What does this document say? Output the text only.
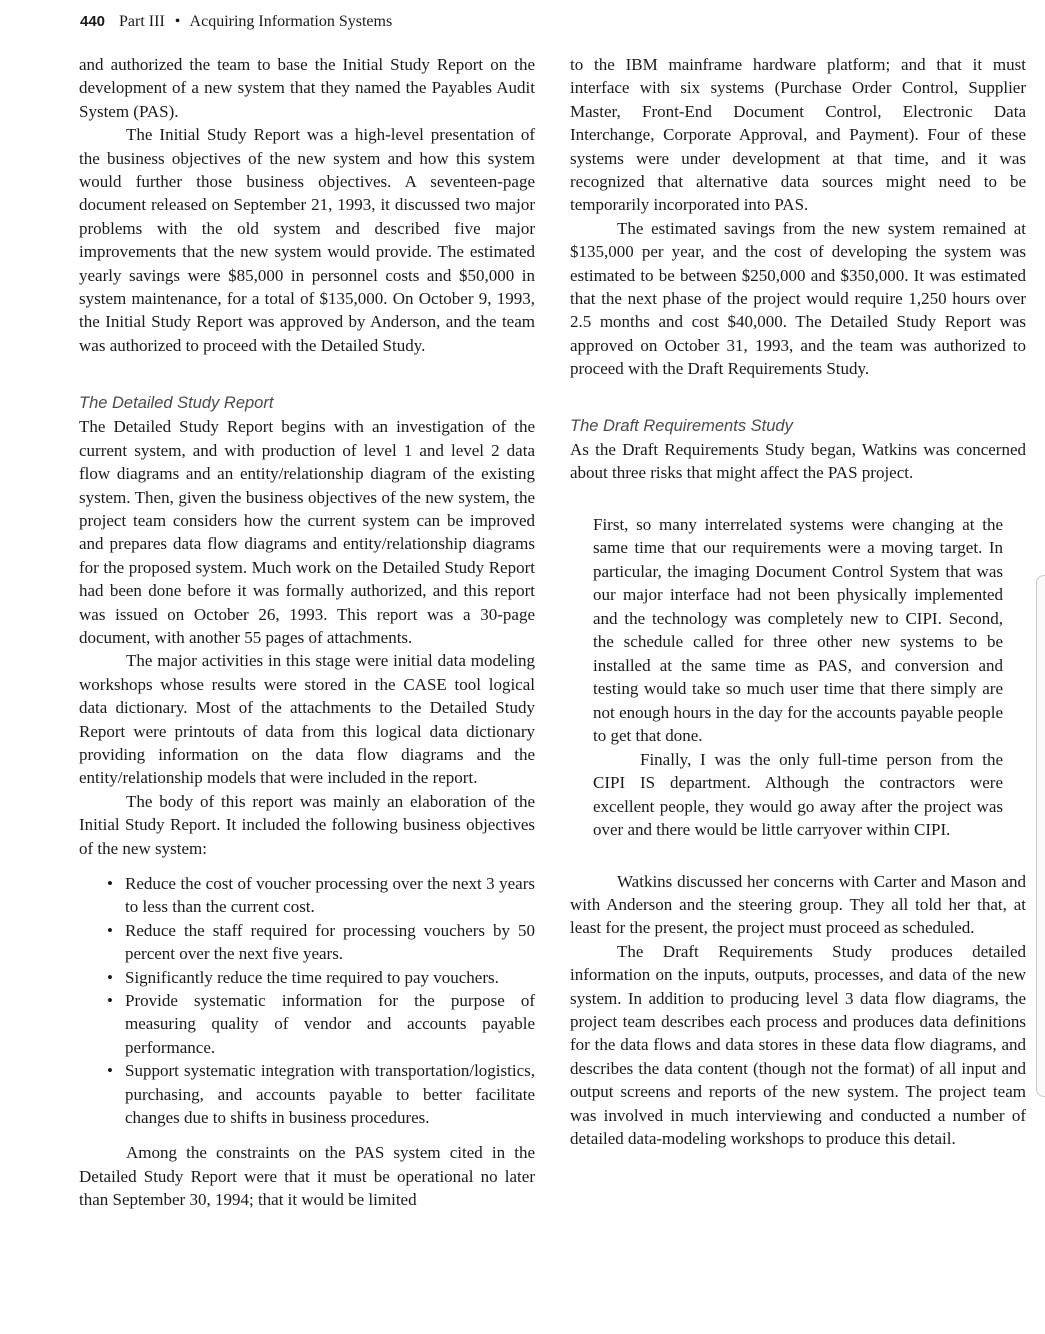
440 Part III • Acquiring Information Systems

and authorized the team to base the Initial Study Report on the development of a new system that they named the Payables Audit System (PAS).

The Initial Study Report was a high-level presentation of the business objectives of the new system and how this system would further those business objectives. A seventeen-page document released on September 21, 1993, it discussed two major problems with the old system and described five major improvements that the new system would provide. The estimated yearly savings were $85,000 in personnel costs and $50,000 in system maintenance, for a total of $135,000. On October 9, 1993, the Initial Study Report was approved by Anderson, and the team was authorized to proceed with the Detailed Study.

The Detailed Study Report

The Detailed Study Report begins with an investigation of the current system, and with production of level 1 and level 2 data flow diagrams and an entity/relationship diagram of the existing system. Then, given the business objectives of the new system, the project team considers how the current system can be improved and prepares data flow diagrams and entity/relationship diagrams for the proposed system. Much work on the Detailed Study Report had been done before it was formally authorized, and this report was issued on October 26, 1993. This report was a 30-page document, with another 55 pages of attachments.

The major activities in this stage were initial data modeling workshops whose results were stored in the CASE tool logical data dictionary. Most of the attachments to the Detailed Study Report were printouts of data from this logical data dictionary providing information on the data flow diagrams and the entity/relationship models that were included in the report.

The body of this report was mainly an elaboration of the Initial Study Report. It included the following business objectives of the new system:

• Reduce the cost of voucher processing over the next 3 years to less than the current cost.
• Reduce the staff required for processing vouchers by 50 percent over the next five years.
• Significantly reduce the time required to pay vouchers.
• Provide systematic information for the purpose of measuring quality of vendor and accounts payable performance.
• Support systematic integration with transportation/logistics, purchasing, and accounts payable to better facilitate changes due to shifts in business procedures.

Among the constraints on the PAS system cited in the Detailed Study Report were that it must be operational no later than September 30, 1994; that it would be limited

to the IBM mainframe hardware platform; and that it must interface with six systems (Purchase Order Control, Supplier Master, Front-End Document Control, Electronic Data Interchange, Corporate Approval, and Payment). Four of these systems were under development at that time, and it was recognized that alternative data sources might need to be temporarily incorporated into PAS.

The estimated savings from the new system remained at $135,000 per year, and the cost of developing the system was estimated to be between $250,000 and $350,000. It was estimated that the next phase of the project would require 1,250 hours over 2.5 months and cost $40,000. The Detailed Study Report was approved on October 31, 1993, and the team was authorized to proceed with the Draft Requirements Study.

The Draft Requirements Study

As the Draft Requirements Study began, Watkins was concerned about three risks that might affect the PAS project.

First, so many interrelated systems were changing at the same time that our requirements were a moving target. In particular, the imaging Document Control System that was our major interface had not been physically implemented and the technology was completely new to CIPI. Second, the schedule called for three other new systems to be installed at the same time as PAS, and conversion and testing would take so much user time that there simply are not enough hours in the day for the accounts payable people to get that done.

Finally, I was the only full-time person from the CIPI IS department. Although the contractors were excellent people, they would go away after the project was over and there would be little carryover within CIPI.

Watkins discussed her concerns with Carter and Mason and with Anderson and the steering group. They all told her that, at least for the present, the project must proceed as scheduled.

The Draft Requirements Study produces detailed information on the inputs, outputs, processes, and data of the new system. In addition to producing level 3 data flow diagrams, the project team describes each process and produces data definitions for the data flows and data stores in these data flow diagrams, and describes the data content (though not the format) of all input and output screens and reports of the new system. The project team was involved in much interviewing and conducted a number of detailed data-modeling workshops to produce this detail.
